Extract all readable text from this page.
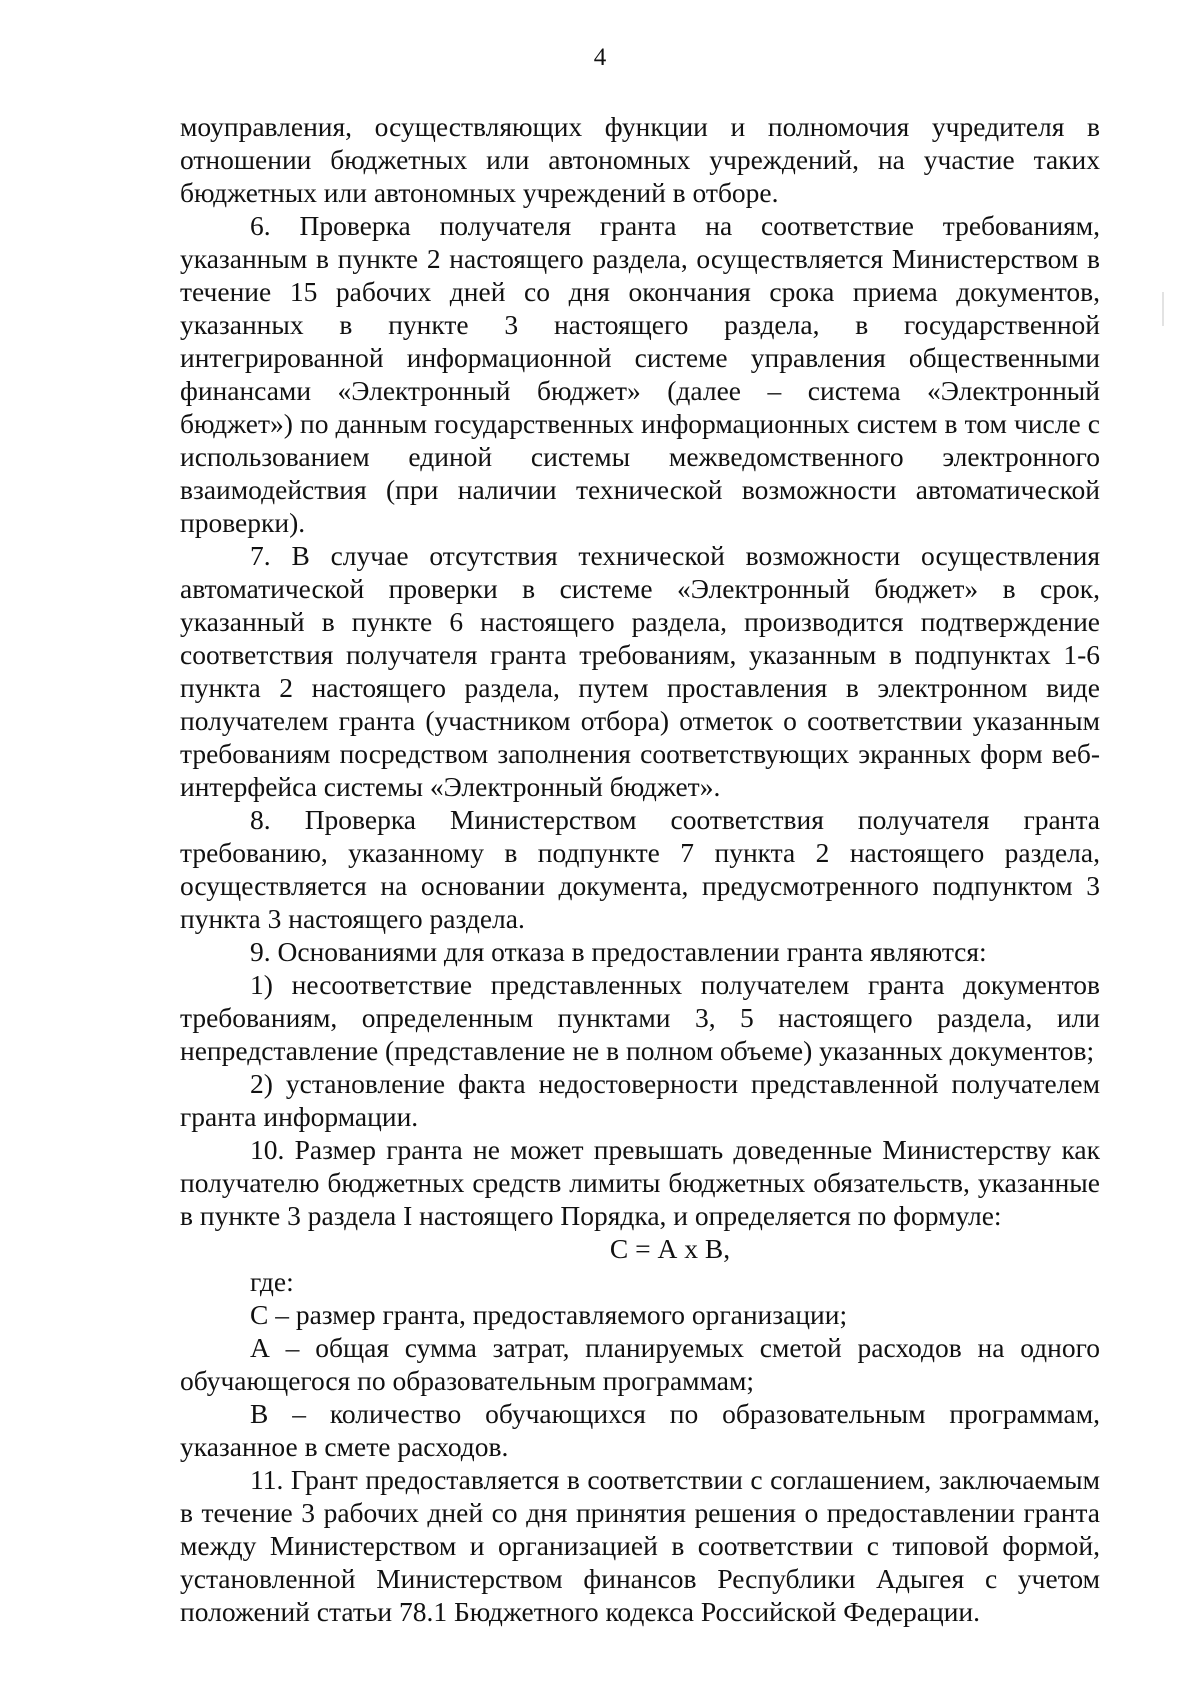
4

моуправления, осуществляющих функции и полномочия учредителя в отношении бюджетных или автономных учреждений, на участие таких бюджетных или автономных учреждений в отборе.

6. Проверка получателя гранта на соответствие требованиям, указанным в пункте 2 настоящего раздела, осуществляется Министерством в течение 15 рабочих дней со дня окончания срока приема документов, указанных в пункте 3 настоящего раздела, в государственной интегрированной информационной системе управления общественными финансами «Электронный бюджет» (далее – система «Электронный бюджет») по данным государственных информационных систем в том числе с использованием единой системы межведомственного электронного взаимодействия (при наличии технической возможности автоматической проверки).

7. В случае отсутствия технической возможности осуществления автоматической проверки в системе «Электронный бюджет» в срок, указанный в пункте 6 настоящего раздела, производится подтверждение соответствия получателя гранта требованиям, указанным в подпунктах 1-6 пункта 2 настоящего раздела, путем проставления в электронном виде получателем гранта (участником отбора) отметок о соответствии указанным требованиям посредством заполнения соответствующих экранных форм веб-интерфейса системы «Электронный бюджет».

8. Проверка Министерством соответствия получателя гранта требованию, указанному в подпункте 7 пункта 2 настоящего раздела, осуществляется на основании документа, предусмотренного подпунктом 3 пункта 3 настоящего раздела.

9. Основаниями для отказа в предоставлении гранта являются:

1) несоответствие представленных получателем гранта документов требованиям, определенным пунктами 3, 5 настоящего раздела, или непредставление (представление не в полном объеме) указанных документов;

2) установление факта недостоверности представленной получателем гранта информации.

10. Размер гранта не может превышать доведенные Министерству как получателю бюджетных средств лимиты бюджетных обязательств, указанные в пункте 3 раздела I настоящего Порядка, и определяется по формуле:

С = А х В,

где:

С – размер гранта, предоставляемого организации;

А – общая сумма затрат, планируемых сметой расходов на одного обучающегося по образовательным программам;

В – количество обучающихся по образовательным программам, указанное в смете расходов.

11. Грант предоставляется в соответствии с соглашением, заключаемым в течение 3 рабочих дней со дня принятия решения о предоставлении гранта между Министерством и организацией в соответствии с типовой формой, установленной Министерством финансов Республики Адыгея с учетом положений статьи 78.1 Бюджетного кодекса Российской Федерации.
